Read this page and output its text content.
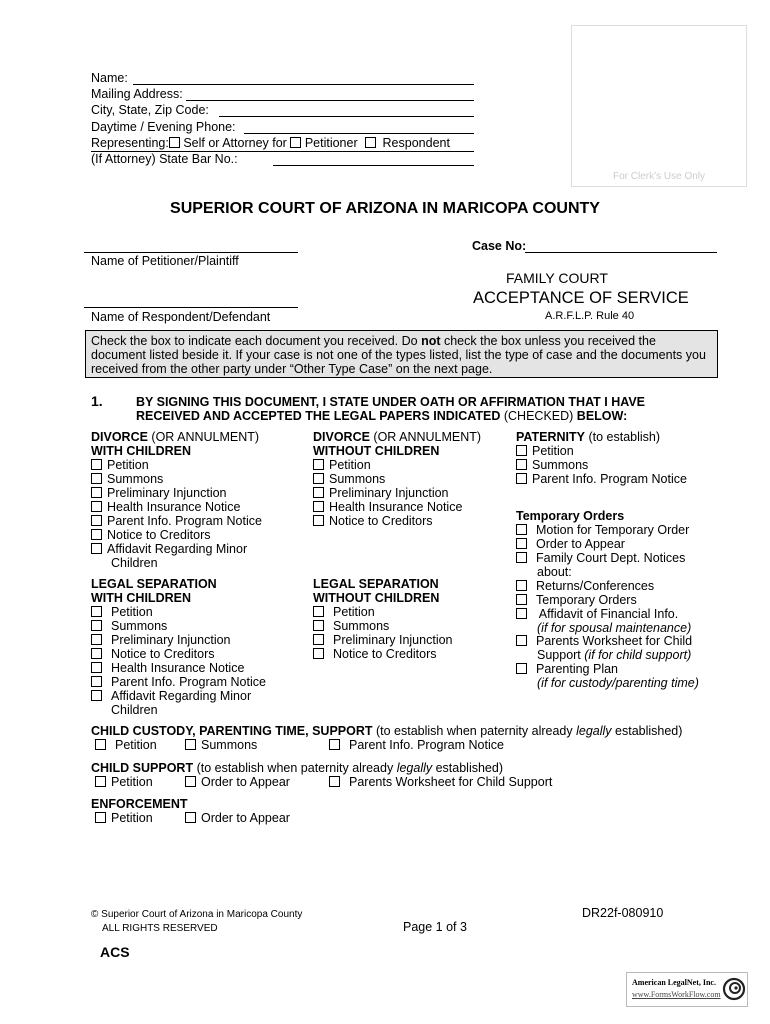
For Clerk’s Use Only
Name:
Mailing Address:
City, State, Zip Code:
Daytime / Evening Phone:
Representing: Self or Attorney for Petitioner Respondent
(If Attorney) State Bar No.:
SUPERIOR COURT OF ARIZONA IN MARICOPA COUNTY
Name of Petitioner/Plaintiff
Case No:
FAMILY COURT
ACCEPTANCE OF SERVICE
Name of Respondent/Defendant	A.R.F.L.P. Rule 40
Check the box to indicate each document you received. Do not check the box unless you received the document listed beside it. If your case is not one of the types listed, list the type of case and the documents you received from the other party under “Other Type Case” on the next page.
1.	BY SIGNING THIS DOCUMENT, I STATE UNDER OATH OR AFFIRMATION THAT I HAVE
RECEIVED AND ACCEPTED THE LEGAL PAPERS INDICATED (CHECKED) BELOW:
DIVORCE (OR ANNULMENT)
WITH CHILDREN
Petition
Summons
Preliminary Injunction
Health Insurance Notice
Parent Info. Program Notice
Notice to Creditors
Affidavit Regarding Minor
Children
DIVORCE (OR ANNULMENT)
WITHOUT CHILDREN
Petition
Summons
Preliminary Injunction
Health Insurance Notice
Notice to Creditors
PATERNITY (to establish)
Petition
Summons
Parent Info. Program Notice
Temporary Orders
Motion for Temporary Order
Order to Appear
Family Court Dept. Notices
about:
Returns/Conferences
Temporary Orders
Affidavit of Financial Info.
(if for spousal maintenance)
Parents Worksheet for Child
Support (if for child support)
Parenting Plan
(if for custody/parenting time)
LEGAL SEPARATION
WITH CHILDREN
Petition
Summons
Preliminary Injunction
Notice to Creditors
Health Insurance Notice
Parent Info. Program Notice
Affidavit Regarding Minor
Children
LEGAL SEPARATION
WITHOUT CHILDREN
Petition
Summons
Preliminary Injunction
Notice to Creditors
CHILD CUSTODY, PARENTING TIME, SUPPORT (to establish when paternity already legally established)
Petition	Summons	Parent Info. Program Notice
CHILD SUPPORT (to establish when paternity already legally established)
Petition	Order to Appear	Parents Worksheet for Child Support
ENFORCEMENT
Petition	Order to Appear
© Superior Court of Arizona in Maricopa County
ALL RIGHTS RESERVED	Page 1 of 3
DR22f-080910
ACS
American LegalNet, Inc.
www.FormsWorkFlow.com
